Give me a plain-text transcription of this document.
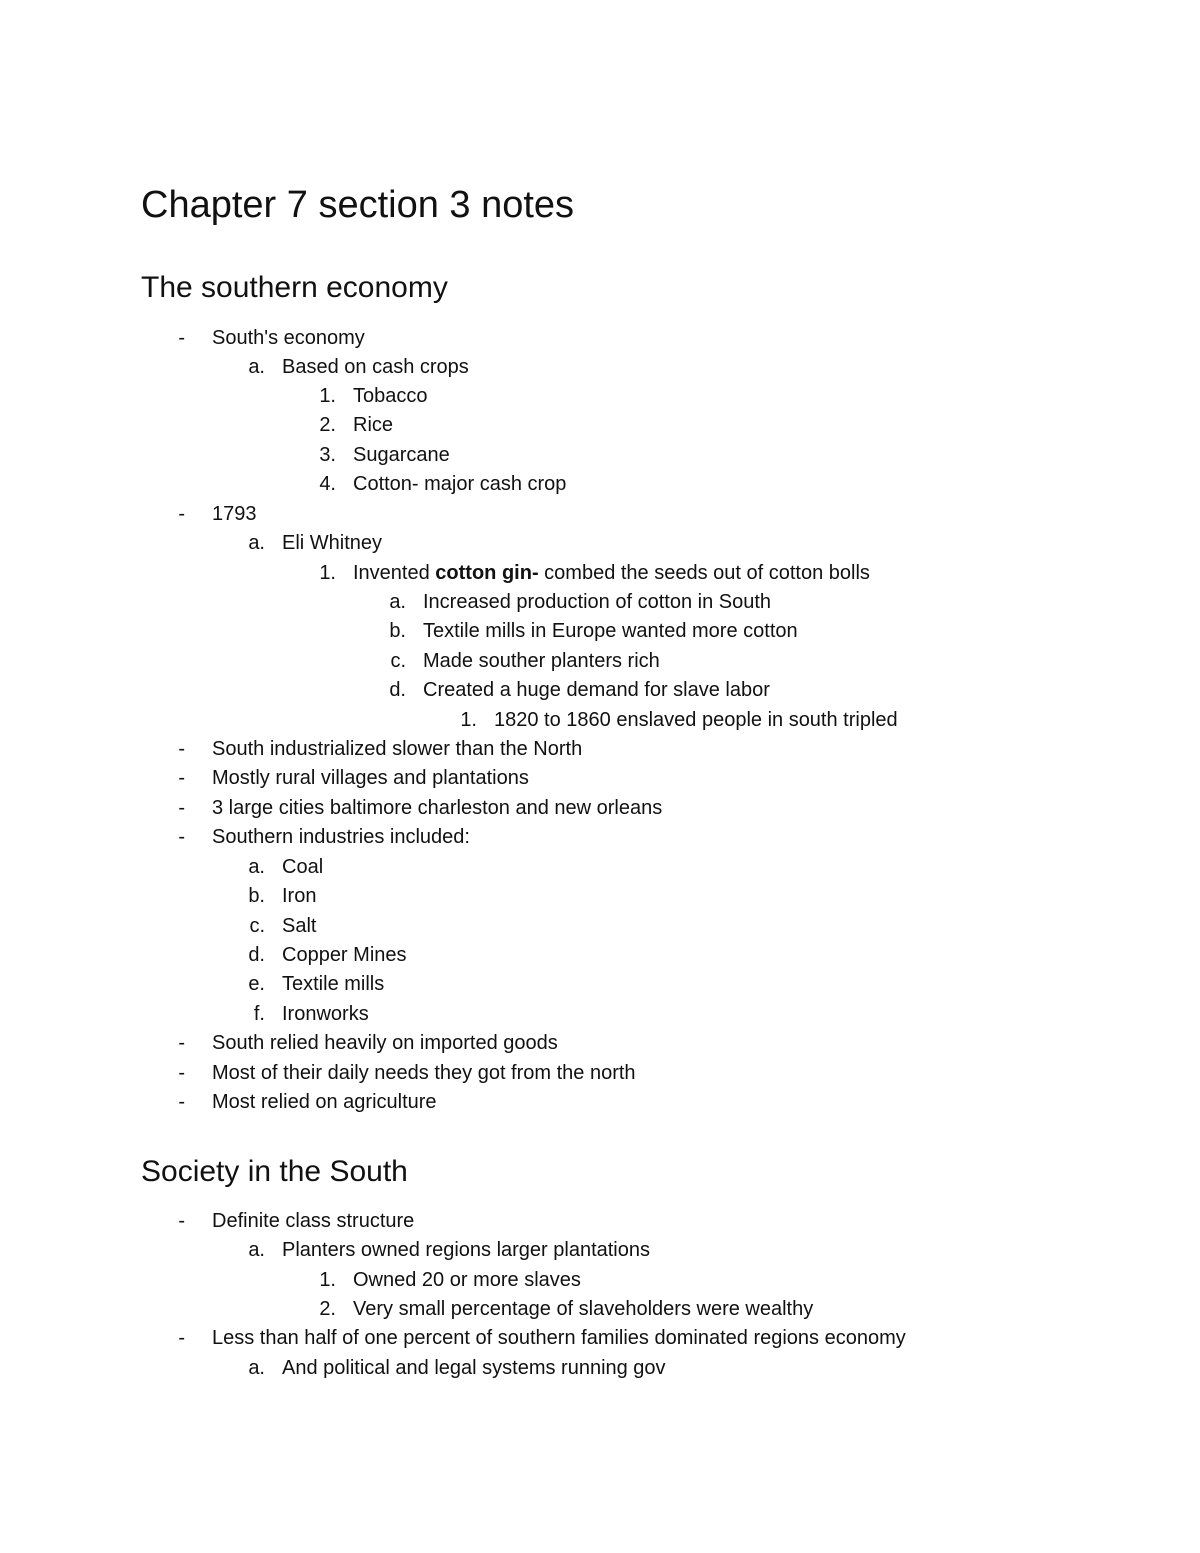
Chapter 7 section 3 notes
The southern economy
- South's economy
a. Based on cash crops
1. Tobacco
2. Rice
3. Sugarcane
4. Cotton- major cash crop
- 1793
a. Eli Whitney
1. Invented cotton gin- combed the seeds out of cotton bolls
a. Increased production of cotton in South
b. Textile mills in Europe wanted more cotton
c. Made souther planters rich
d. Created a huge demand for slave labor
1. 1820 to 1860 enslaved people in south tripled
- South industrialized slower than the North
- Mostly rural villages and plantations
- 3 large cities baltimore charleston and new orleans
- Southern industries included:
a. Coal
b. Iron
c. Salt
d. Copper Mines
e. Textile mills
f. Ironworks
- South relied heavily on imported goods
- Most of their daily needs they got from the north
- Most relied on agriculture
Society in the South
- Definite class structure
a. Planters owned regions larger plantations
1. Owned 20 or more slaves
2. Very small percentage of slaveholders were wealthy
- Less than half of one percent of southern families dominated regions economy
a. And political and legal systems running gov
